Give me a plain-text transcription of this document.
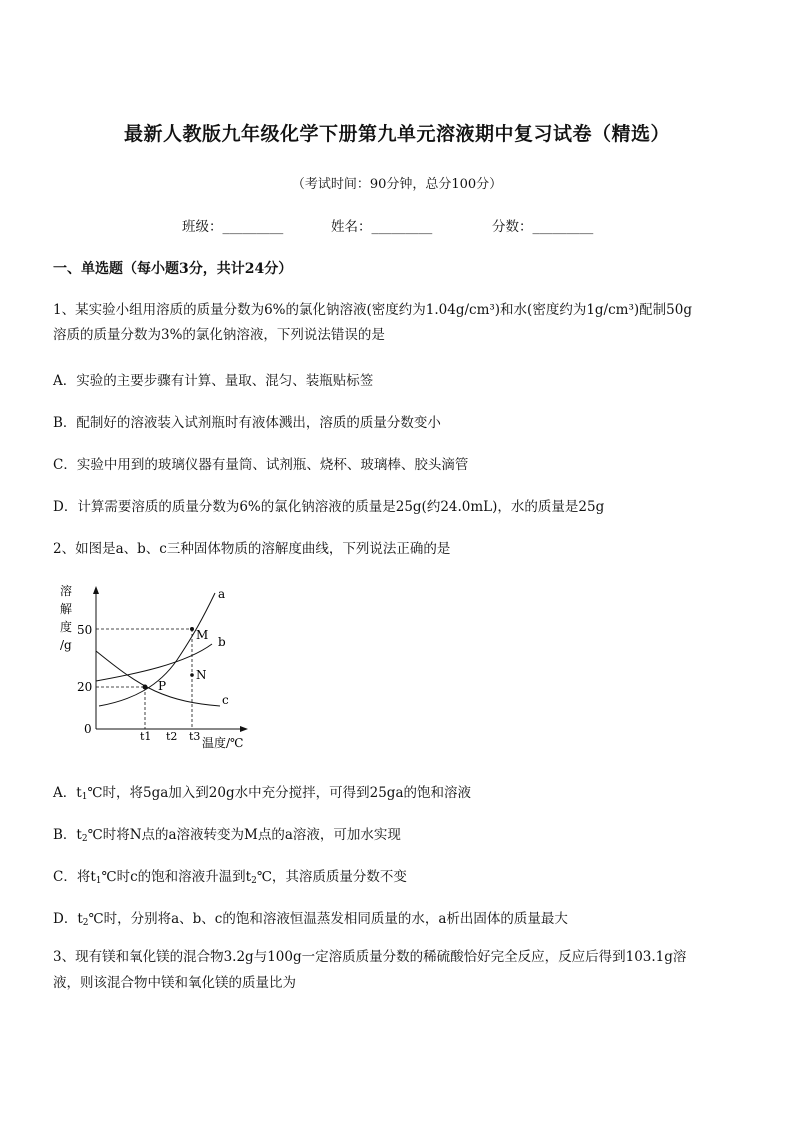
最新人教版九年级化学下册第九单元溶液期中复习试卷（精选）
（考试时间：90分钟，总分100分）
班级：_________	姓名：_________	分数：_________
一、单选题（每小题3分，共计24分）
1、某实验小组用溶质的质量分数为6%的氯化钠溶液(密度约为1.04g/cm³)和水(密度约为1g/cm³)配制50g
溶质的质量分数为3%的氯化钠溶液，下列说法错误的是
A．实验的主要步骤有计算、量取、混匀、装瓶贴标签
B．配制好的溶液装入试剂瓶时有液体溅出，溶质的质量分数变小
C．实验中用到的玻璃仪器有量筒、试剂瓶、烧杯、玻璃棒、胶头滴管
D．计算需要溶质的质量分数为6%的氯化钠溶液的质量是25g(约24.0mL)，水的质量是25g
2、如图是a、b、c三种固体物质的溶解度曲线，下列说法正确的是
溶
解
度
/g
50
20
0
a
b
c
P
M
N
t1 t2 t3 温度/℃
A．$t_1℃$时，将5ga加入到20g水中充分搅拌，可得到25ga的饱和溶液
B．$t_2℃$时将N点的a溶液转变为M点的a溶液，可加水实现
C．将$t_1℃$时c的饱和溶液升温到$t_2℃$，其溶质质量分数不变
D．$t_2℃$时，分别将a、b、c的饱和溶液恒温蒸发相同质量的水，a析出固体的质量最大
3、现有镁和氧化镁的混合物3.2g与100g一定溶质质量分数的稀硫酸恰好完全反应，反应后得到103.1g溶
液，则该混合物中镁和氧化镁的质量比为
